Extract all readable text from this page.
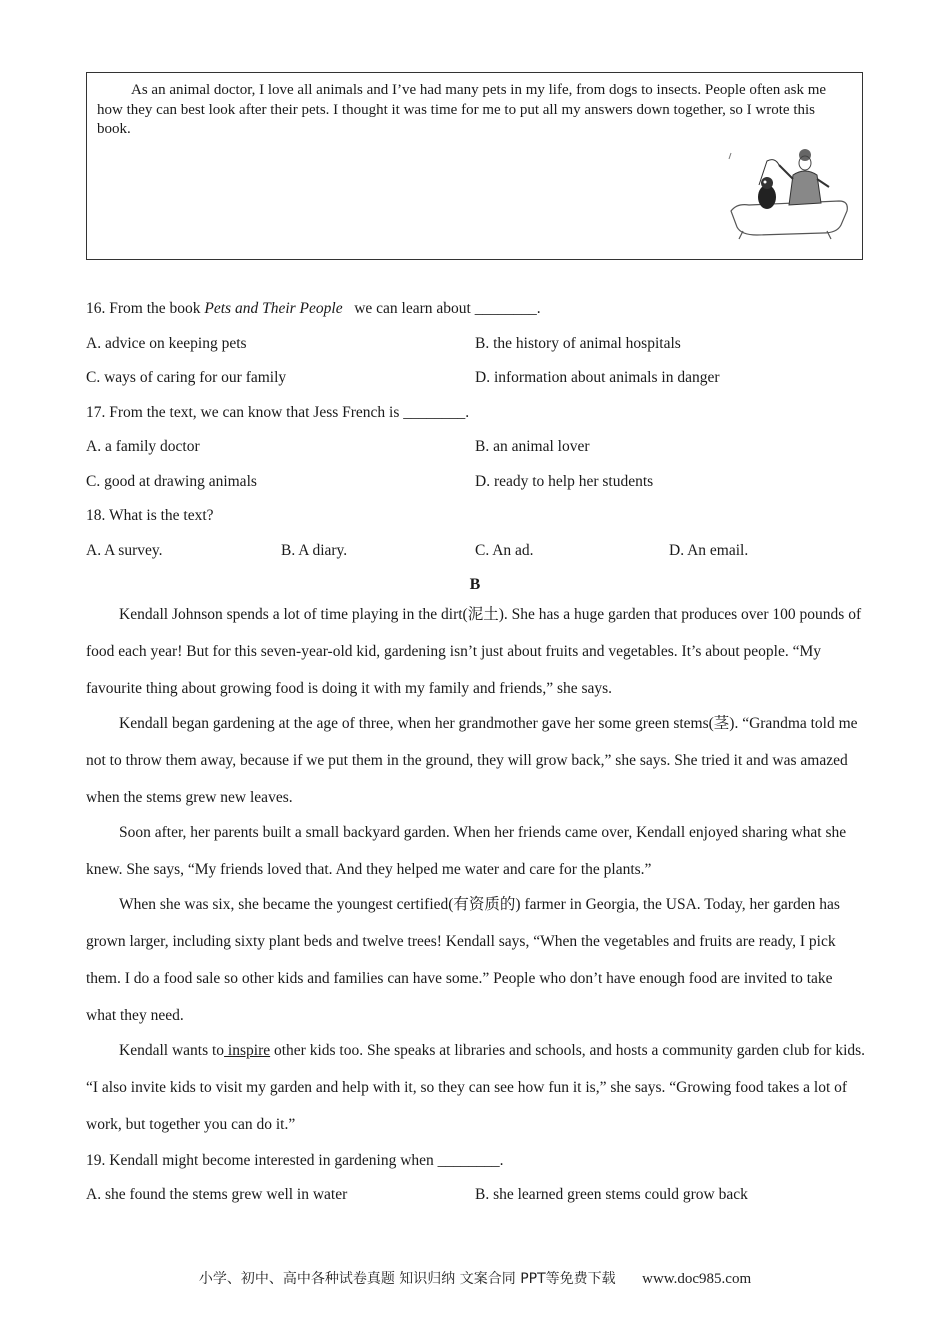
As an animal doctor, I love all animals and I’ve had many pets in my life, from dogs to insects. People often ask me how they can best look after their pets. I thought it was time for me to put all my answers down together, so I wrote this book.

16. From the book Pets and Their People   we can learn about ________.
A. advice on keeping pets	B. the history of animal hospitals
C. ways of caring for our family	D. information about animals in danger
17. From the text, we can know that Jess French is ________.
A. a family doctor	B. an animal lover
C. good at drawing animals	D. ready to help her students
18. What is the text?
A. A survey.	B. A diary.	C. An ad.	D. An email.
B

Kendall Johnson spends a lot of time playing in the dirt(泥土). She has a huge garden that produces over 100 pounds of food each year! But for this seven-year-old kid, gardening isn’t just about fruits and vegetables. It’s about people. “My favourite thing about growing food is doing it with my family and friends,” she says.

Kendall began gardening at the age of three, when her grandmother gave her some green stems(茎). “Grandma told me not to throw them away, because if we put them in the ground, they will grow back,” she says. She tried it and was amazed when the stems grew new leaves.

Soon after, her parents built a small backyard garden. When her friends came over, Kendall enjoyed sharing what she knew. She says, “My friends loved that. And they helped me water and care for the plants.”

When she was six, she became the youngest certified(有资质的) farmer in Georgia, the USA. Today, her garden has grown larger, including sixty plant beds and twelve trees! Kendall says, “When the vegetables and fruits are ready, I pick them. I do a food sale so other kids and families can have some.” People who don’t have enough food are invited to take what they need.

Kendall wants to inspire other kids too. She speaks at libraries and schools, and hosts a community garden club for kids. “I also invite kids to visit my garden and help with it, so they can see how fun it is,” she says. “Growing food takes a lot of work, but together you can do it.”

19. Kendall might become interested in gardening when ________.
A. she found the stems grew well in water	B. she learned green stems could grow back
小学、初中、高中各种试卷真题 知识归纳 文案合同 PPT等免费下载 www.doc985.com
